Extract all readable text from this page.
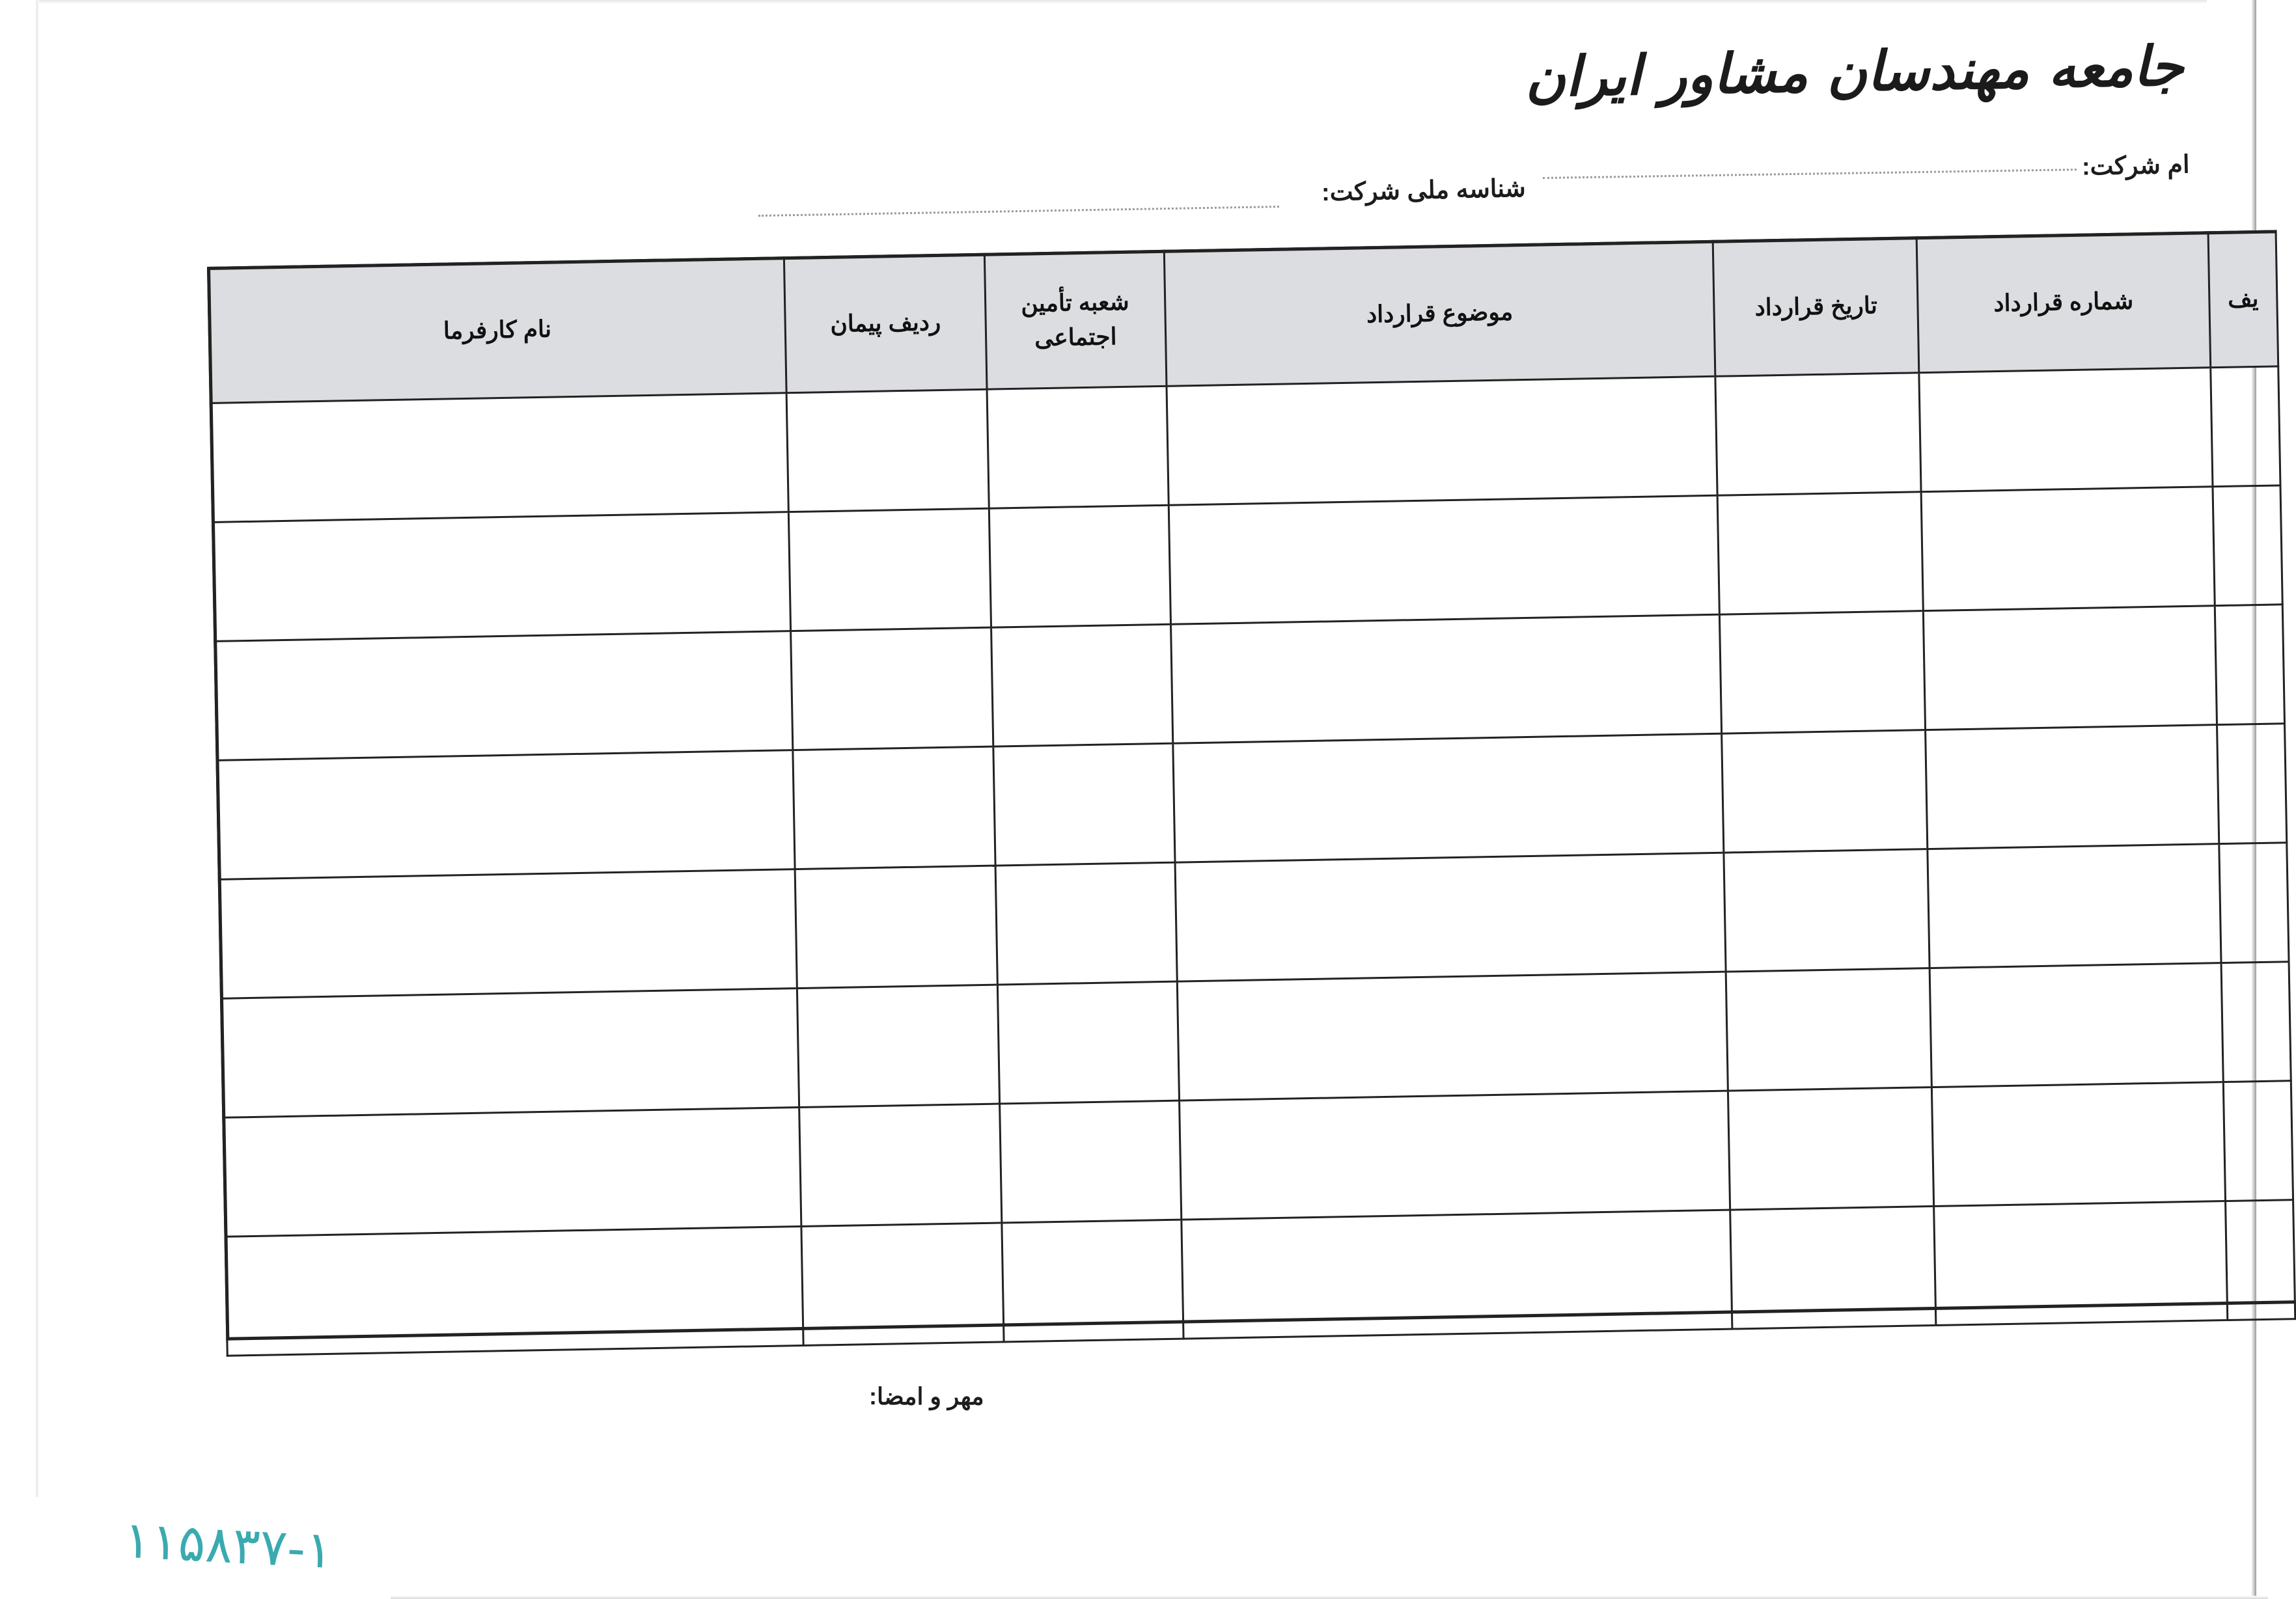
جامعه مهندسان مشاور ایران
ام شرکت:
شناسه ملی شرکت:
یف	شماره قرارداد	تاریخ قرارداد	موضوع قرارداد	شعبه تأمین اجتماعی	ردیف پیمان	نام کارفرما

مهر و امضا:
۱۱۵۸۳۷-۱
